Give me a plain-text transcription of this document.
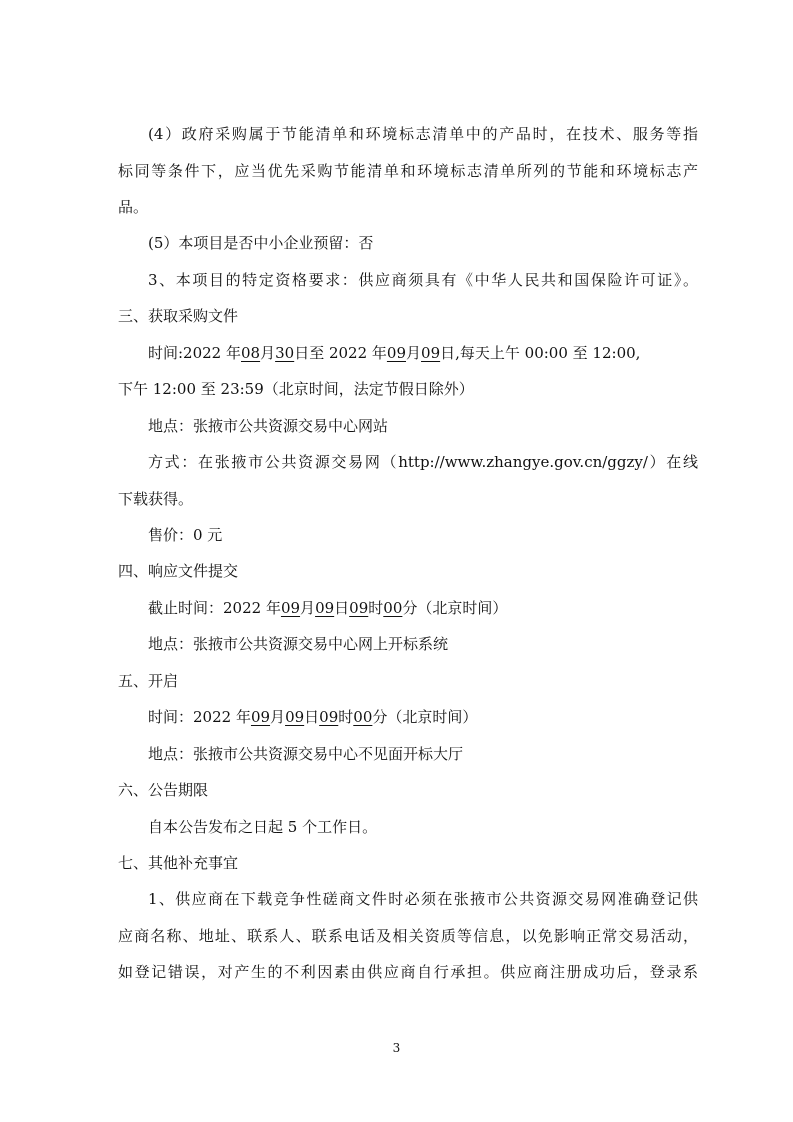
(4）政府采购属于节能清单和环境标志清单中的产品时，在技术、服务等指
标同等条件下，应当优先采购节能清单和环境标志清单所列的节能和环境标志产
品。
(5）本项目是否中小企业预留：否
3、本项目的特定资格要求：供应商须具有《中华人民共和国保险许可证》。
三、获取采购文件
时间:2022 年08月30日至 2022 年09月09日,每天上午 00:00 至 12:00,
下午 12:00 至 23:59（北京时间，法定节假日除外）
地点：张掖市公共资源交易中心网站
方式：在张掖市公共资源交易网（http://www.zhangye.gov.cn/ggzy/）在线
下载获得。
售价：0 元
四、响应文件提交
截止时间：2022 年09月09日09时00分（北京时间）
地点：张掖市公共资源交易中心网上开标系统
五、开启
时间：2022 年09月09日09时00分（北京时间）
地点：张掖市公共资源交易中心不见面开标大厅
六、公告期限
自本公告发布之日起 5 个工作日。
七、其他补充事宜
1、供应商在下载竞争性磋商文件时必须在张掖市公共资源交易网准确登记供
应商名称、地址、联系人、联系电话及相关资质等信息，以免影响正常交易活动，
如登记错误，对产生的不利因素由供应商自行承担。供应商注册成功后，登录系
3
